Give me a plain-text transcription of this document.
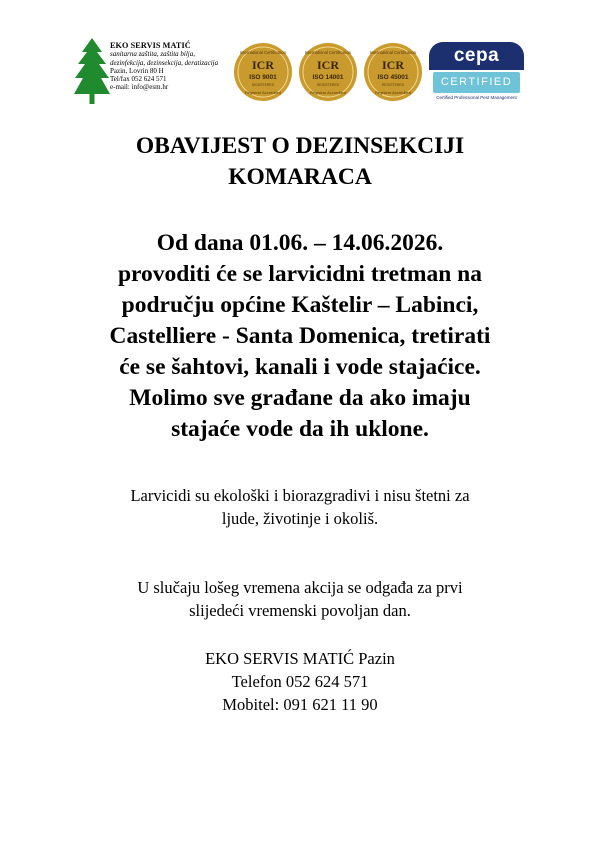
EKO SERVIS MATIĆ
sanitarna zaštita, zaštita bilja,
dezinfekcija, dezinsekcija, deratizacija
Pazin, Lovrin 80 H
Tel/fax 052 624 571
e-mail: info@esm.hr
International Certification
ICR
ISO 9001
REGISTERED
Registrar Accredited
International Certification
ICR
ISO 14001
REGISTERED
Registrar Accredited
International Certification
ICR
ISO 45001
REGISTERED
Registrar Accredited
cepa
CERTIFIED
Certified Professional Pest Management
OBAVIJEST O DEZINSEKCIJI
KOMARACA
Od dana 01.06. – 14.06.2026.
provoditi će se larvicidni tretman na
području općine Kaštelir – Labinci,
Castelliere - Santa Domenica, tretirati
će se šahtovi, kanali i vode stajaćice.
Molimo sve građane da ako imaju
stajaće vode da ih uklone.
Larvicidi su ekološki i biorazgradivi i nisu štetni za
ljude, životinje i okoliš.
U slučaju lošeg vremena akcija se odgađa za prvi
slijedeći vremenski povoljan dan.
EKO SERVIS MATIĆ Pazin
Telefon 052 624 571
Mobitel: 091 621 11 90
